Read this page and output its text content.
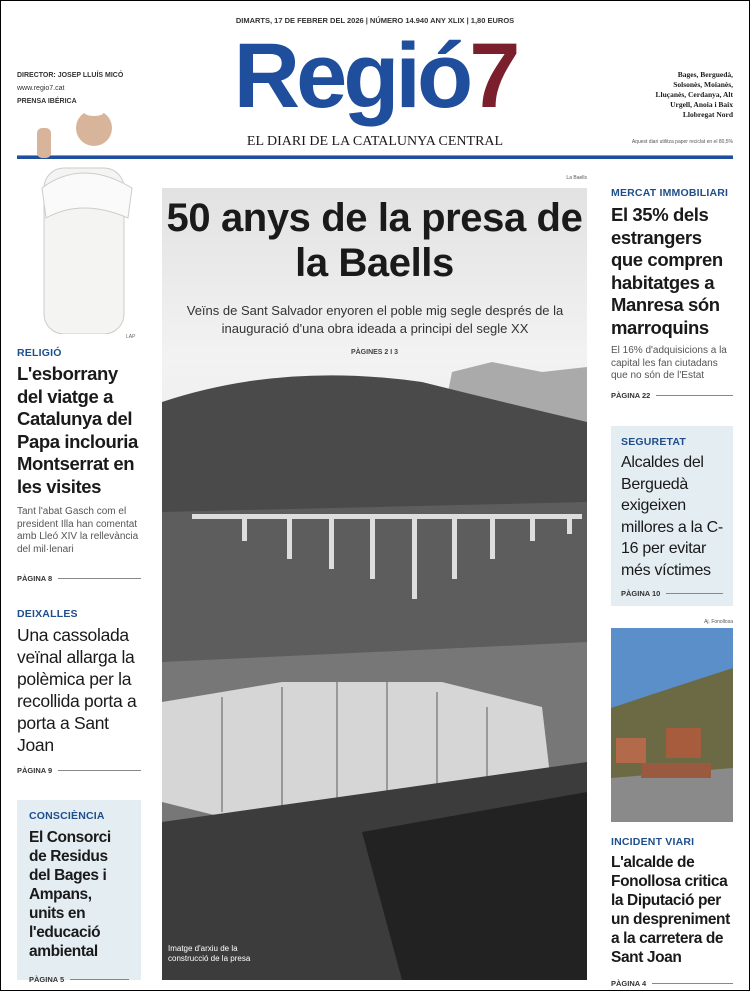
DIMARTS, 17 DE FEBRER DEL 2026 | NÚMERO 14.940 ANY XLIX | 1,80 EUROS
Regió7
EL DIARI DE LA CATALUNYA CENTRAL
DIRECTOR: JOSEP LLUÍS MICÓ
www.regio7.cat
PRENSA IBÉRICA
Bages, Berguedà, Solsonès, Moianès, Lluçanès, Cerdanya, Alt Urgell, Anoia i Baix Llobregat Nord
Aquest diari utilitza paper reciclat en el 80,5%
LAP
RELIGIÓ
L'esborrany del viatge a Catalunya del Papa inclouria Montserrat en les visites
Tant l'abat Gasch com el president Illa han comentat amb Lleó XIV la rellevància del mil·lenari
PÀGINA 8
DEIXALLES
Una cassolada veïnal allarga la polèmica per la recollida porta a porta a Sant Joan
PÀGINA 9
CONSCIÈNCIA
El Consorci de Residus del Bages i Ampans, units en l'educació ambiental
PÀGINA 5
La Baells
50 anys de la presa de la Baells
Veïns de Sant Salvador enyoren el poble mig segle després de la inauguració d'una obra ideada a principi del segle XX
PÀGINES 2 I 3
Imatge d'arxiu de la construcció de la presa
MERCAT IMMOBILIARI
El 35% dels estrangers que compren habitatges a Manresa són marroquins
El 16% d'adquisicions a la capital les fan ciutadans que no són de l'Estat
PÀGINA 22
SEGURETAT
Alcaldes del Berguedà exigeixen millores a la C-16 per evitar més víctimes
PÀGINA 10
Aj. Fonollosa
INCIDENT VIARI
L'alcalde de Fonollosa critica la Diputació per un despreniment a la carretera de Sant Joan
PÀGINA 4
